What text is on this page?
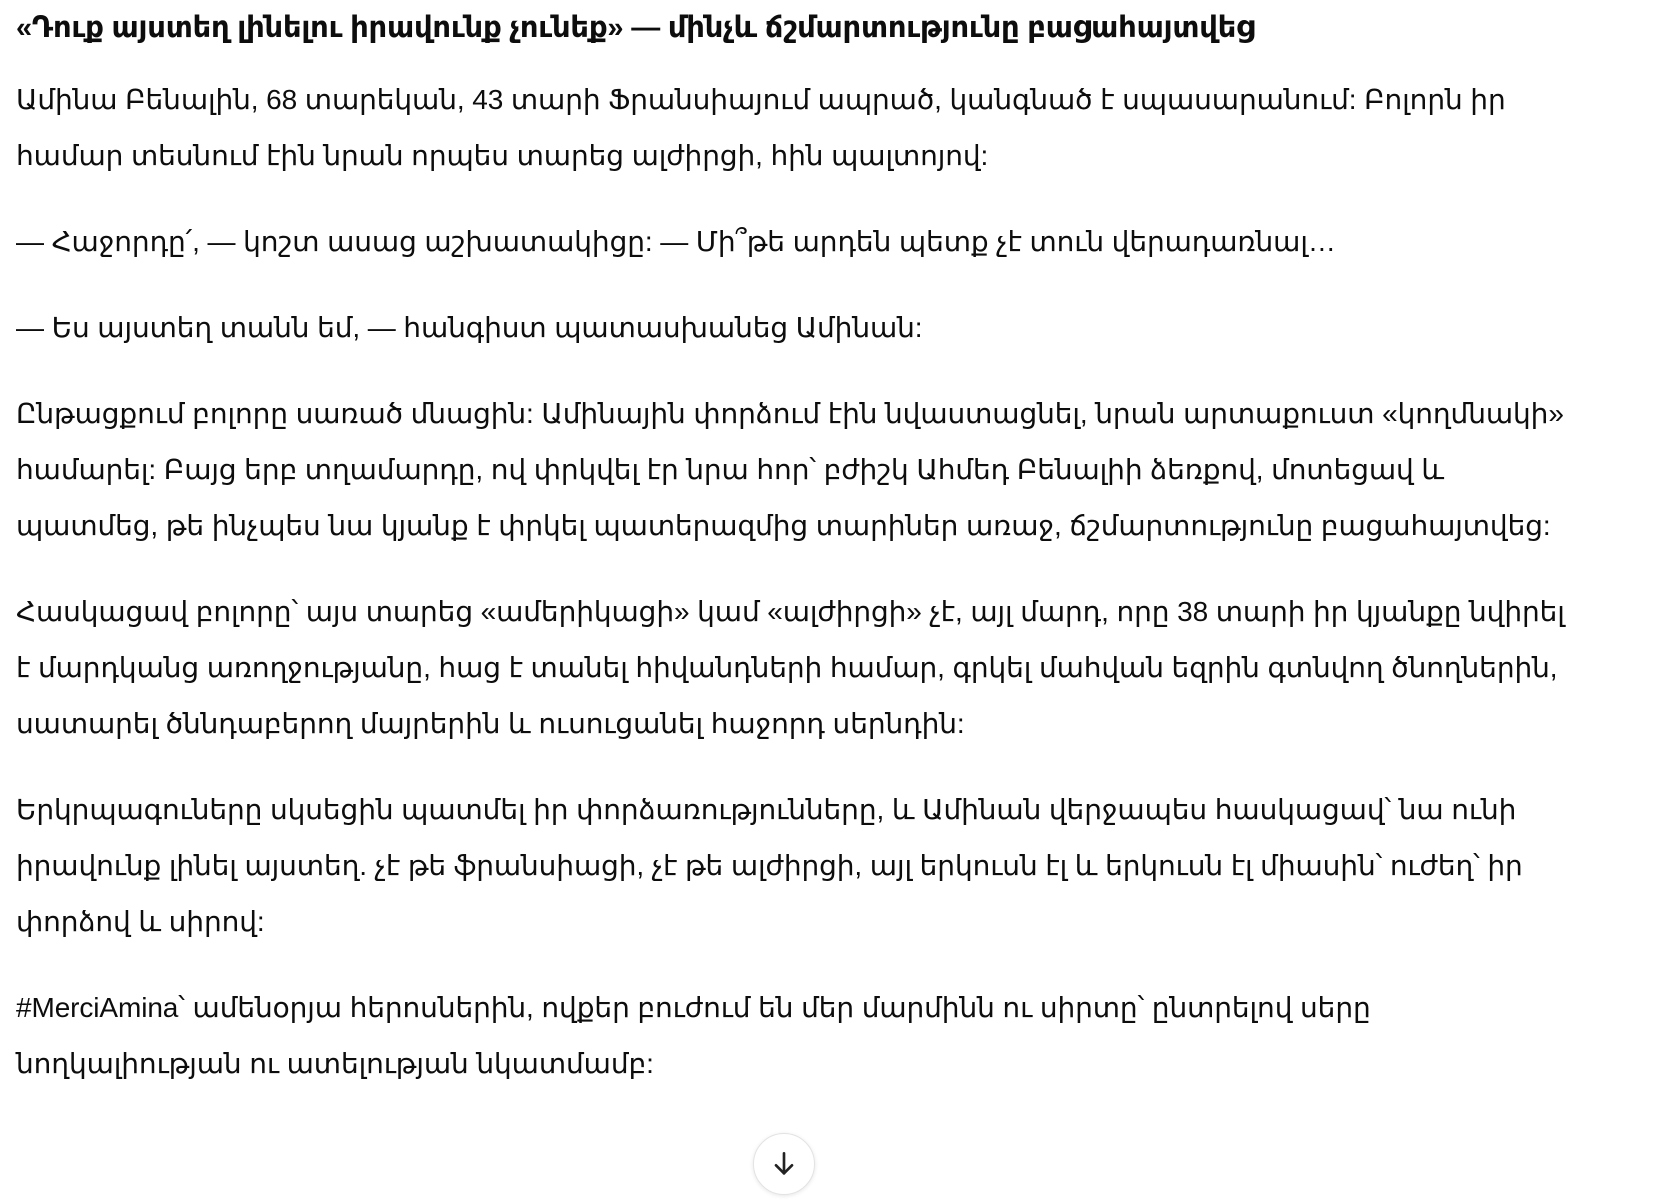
«Դուք այստեղ լինելու իրավունք չունեք» — մինչև ճշմարտությունը բացահայտվեց

Ամինա Բենալին, 68 տարեկան, 43 տարի Ֆրանսիայում ապրած, կանգնած է սպասարանում: Բոլորն իր համար տեսնում էին նրան որպես տարեց ալժիրցի, հին պալտոյով:

— Հաջորդը՛, — կոշտ ասաց աշխատակիցը: — Մի՞թե արդեն պետք չէ տուն վերադառնալ…

— Ես այստեղ տանն եմ, — հանգիստ պատասխանեց Ամինան:

Ընթացքում բոլորը սառած մնացին: Ամինային փորձում էին նվաստացնել, նրան արտաքուստ «կողմնակի» համարել: Բայց երբ տղամարդը, ով փրկվել էր նրա հոր՝ բժիշկ Ահմեդ Բենալիի ձեռքով, մոտեցավ և պատմեց, թե ինչպես նա կյանք է փրկել պատերազմից տարիներ առաջ, ճշմարտությունը բացահայտվեց:

Հասկացավ բոլորը՝ այս տարեց «ամերիկացի» կամ «ալժիրցի» չէ, այլ մարդ, որը 38 տարի իր կյանքը նվիրել է մարդկանց առողջությանը, հաց է տանել հիվանդների համար, գրկել մահվան եզրին գտնվող ծնողներին, սատարել ծննդաբերող մայրերին և ուսուցանել հաջորդ սերնդին:

Երկրպագուները սկսեցին պատմել իր փորձառությունները, և Ամինան վերջապես հասկացավ՝ նա ունի իրավունք լինել այստեղ. չէ թե ֆրանսիացի, չէ թե ալժիրցի, այլ երկուսն էլ և երկուսն էլ միասին՝ ուժեղ՝ իր փորձով և սիրով:

#MerciAmina՝ ամենօրյա հերոսներին, ովքեր բուժում են մեր մարմինն ու սիրտը՝ ընտրելով սերը նողկալիության ու ատելության նկատմամբ:
